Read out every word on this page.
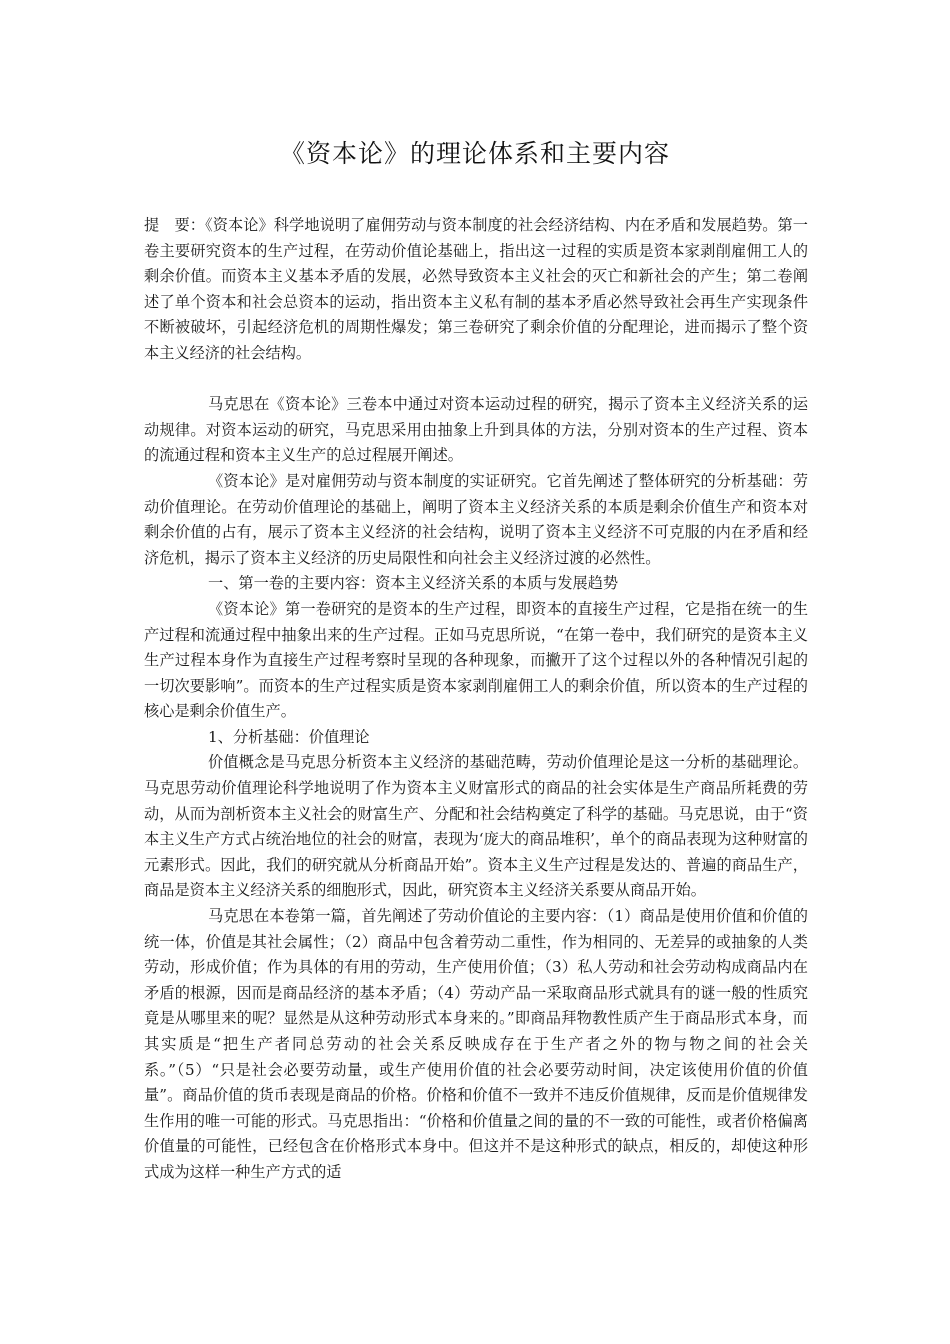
《资本论》的理论体系和主要内容

提　要：《资本论》科学地说明了雇佣劳动与资本制度的社会经济结构、内在矛盾和发展趋势。第一卷主要研究资本的生产过程，在劳动价值论基础上，指出这一过程的实质是资本家剥削雇佣工人的剩余价值。而资本主义基本矛盾的发展，必然导致资本主义社会的灭亡和新社会的产生；第二卷阐述了单个资本和社会总资本的运动，指出资本主义私有制的基本矛盾必然导致社会再生产实现条件不断被破坏，引起经济危机的周期性爆发；第三卷研究了剩余价值的分配理论，进而揭示了整个资本主义经济的社会结构。

马克思在《资本论》三卷本中通过对资本运动过程的研究，揭示了资本主义经济关系的运动规律。对资本运动的研究，马克思采用由抽象上升到具体的方法，分别对资本的生产过程、资本的流通过程和资本主义生产的总过程展开阐述。

《资本论》是对雇佣劳动与资本制度的实证研究。它首先阐述了整体研究的分析基础：劳动价值理论。在劳动价值理论的基础上，阐明了资本主义经济关系的本质是剩余价值生产和资本对剩余价值的占有，展示了资本主义经济的社会结构，说明了资本主义经济不可克服的内在矛盾和经济危机，揭示了资本主义经济的历史局限性和向社会主义经济过渡的必然性。

一、第一卷的主要内容：资本主义经济关系的本质与发展趋势

《资本论》第一卷研究的是资本的生产过程，即资本的直接生产过程，它是指在统一的生产过程和流通过程中抽象出来的生产过程。正如马克思所说，“在第一卷中，我们研究的是资本主义生产过程本身作为直接生产过程考察时呈现的各种现象，而撇开了这个过程以外的各种情况引起的一切次要影响”。而资本的生产过程实质是资本家剥削雇佣工人的剩余价值，所以资本的生产过程的核心是剩余价值生产。

1、分析基础：价值理论

价值概念是马克思分析资本主义经济的基础范畴，劳动价值理论是这一分析的基础理论。马克思劳动价值理论科学地说明了作为资本主义财富形式的商品的社会实体是生产商品所耗费的劳动，从而为剖析资本主义社会的财富生产、分配和社会结构奠定了科学的基础。马克思说，由于“资本主义生产方式占统治地位的社会的财富，表现为‘庞大的商品堆积’，单个的商品表现为这种财富的元素形式。因此，我们的研究就从分析商品开始”。资本主义生产过程是发达的、普遍的商品生产，商品是资本主义经济关系的细胞形式，因此，研究资本主义经济关系要从商品开始。

马克思在本卷第一篇，首先阐述了劳动价值论的主要内容：（1）商品是使用价值和价值的统一体，价值是其社会属性；（2）商品中包含着劳动二重性，作为相同的、无差异的或抽象的人类劳动，形成价值；作为具体的有用的劳动，生产使用价值；（3）私人劳动和社会劳动构成商品内在矛盾的根源，因而是商品经济的基本矛盾；（4）劳动产品一采取商品形式就具有的谜一般的性质究竟是从哪里来的呢？显然是从这种劳动形式本身来的。”即商品拜物教性质产生于商品形式本身，而其实质是“把生产者同总劳动的社会关系反映成存在于生产者之外的物与物之间的社会关系。”（5）“只是社会必要劳动量，或生产使用价值的社会必要劳动时间，决定该使用价值的价值量”。商品价值的货币表现是商品的价格。价格和价值不一致并不违反价值规律，反而是价值规律发生作用的唯一可能的形式。马克思指出：“价格和价值量之间的量的不一致的可能性，或者价格偏离价值量的可能性，已经包含在价格形式本身中。但这并不是这种形式的缺点，相反的，却使这种形式成为这样一种生产方式的适
